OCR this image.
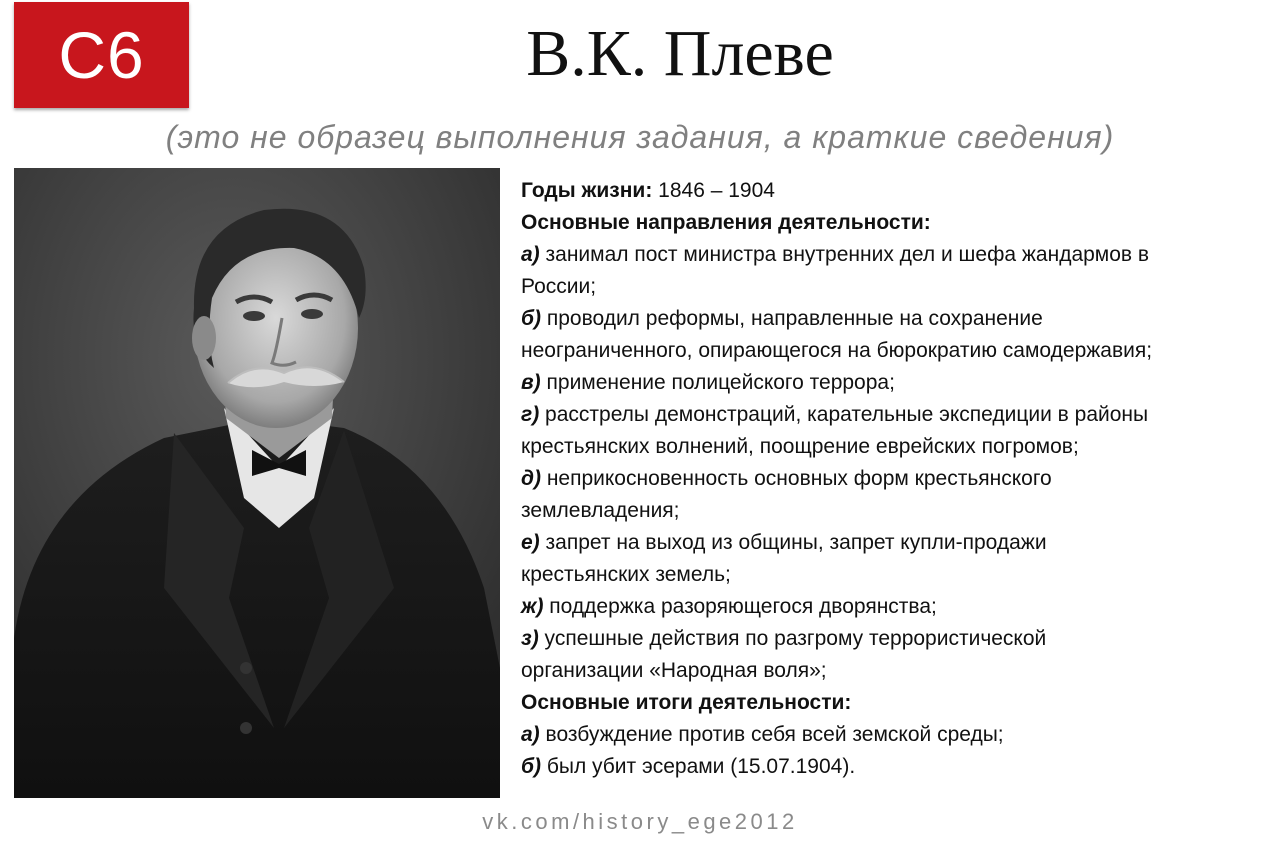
С6	В.К. Плеве
(это не образец выполнения задания, а краткие сведения)
Годы жизни: 1846 – 1904
Основные направления деятельности:
а) занимал пост министра внутренних дел и шефа жандармов в
России;
б) проводил реформы, направленные на сохранение
неограниченного, опирающегося на бюрократию самодержавия;
в) применение полицейского террора;
г) расстрелы демонстраций, карательные экспедиции в районы
крестьянских волнений, поощрение еврейских погромов;
д) неприкосновенность основных форм крестьянского
землевладения;
е) запрет на выход из общины, запрет купли-продажи
крестьянских земель;
ж) поддержка разоряющегося дворянства;
з) успешные действия по разгрому террористической
организации «Народная воля»;
Основные итоги деятельности:
а) возбуждение против себя всей земской среды;
б) был убит эсерами (15.07.1904).
vk.com/history_ege2012
